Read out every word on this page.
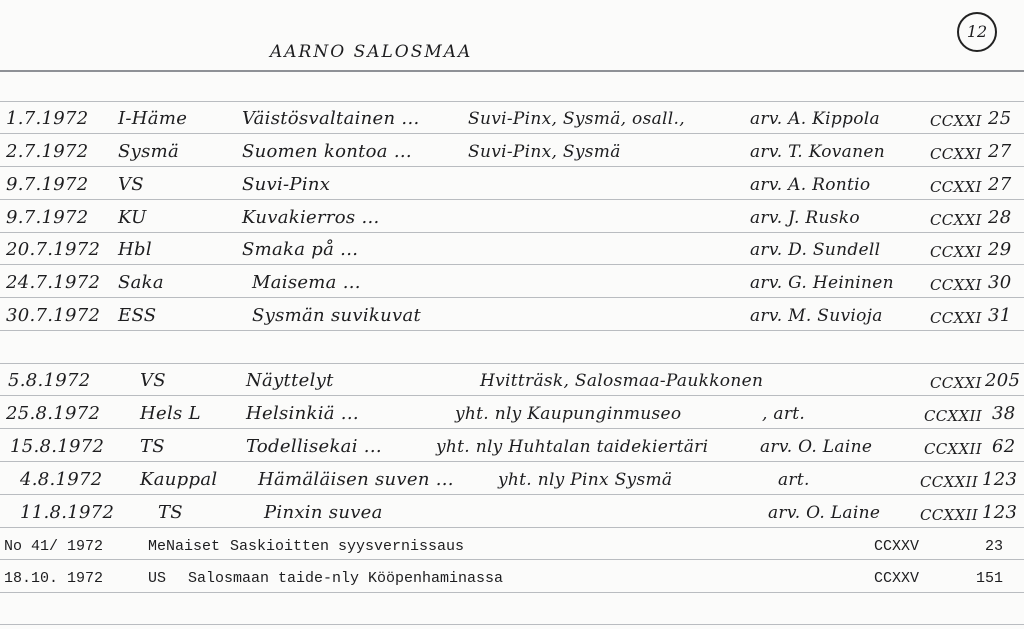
AARNO SALOSMAA
12
1.7.1972 I-Häme	Väistösvaltainen ...	Suvi-Pinx, Sysmä, osall.,	arv. A. Kippola	CCXXI 25
2.7.1972 Sysmä	Suomen kontoa ...	Suvi-Pinx, Sysmä	arv. T. Kovanen	CCXXI 27
9.7.1972 VS	Suvi-Pinx	arv. A. Rontio	CCXXI 27
9.7.1972 KU	Kuvakierros ...	arv. J. Rusko	CCXXI 28
20.7.1972 Hbl	Smaka på ...	arv. D. Sundell	CCXXI 29
24.7.1972 Saka	Maisema ...	arv. G. Heininen CCXXI 30
30.7.1972 ESS	Sysmän suvikuvat	arv. M. Suvioja	CCXXI 31
5.8.1972	VS	Näyttelyt	Hvitträsk, Salosmaa-Paukkonen	CCXXI 205
25.8.1972 Hels L	Helsinkiä ...	yht. nly Kaupunginmuseo	, art.	CCXXII 38
15.8.1972 TS	Todellisekai ...	yht. nly Huhtalan taidekiertäri	arv. O. Laine	CCXXII 62
4.8.1972 Kauppal Hämäläisen suven ...	yht. nly Pinx Sysmä	art.	CCXXII 123
11.8.1972 TS	Pinxin suvea	arv. O. Laine	CCXXII 123
No 41/ 1972	MeNaiset Saskioitten syysvernissaus	CCXXV	23
18.10. 1972	US Salosmaan taide-nly Kööpenhaminassa	CCXXV	151
